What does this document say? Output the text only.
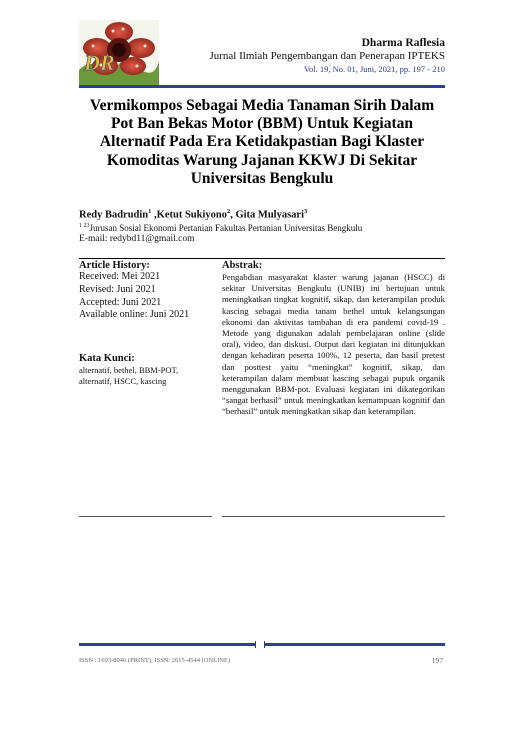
DR
Dharma Raflesia
Jurnal Ilmiah Pengembangan dan Penerapan IPTEKS
Vol. 19, No. 01, Juni, 2021, pp. 197 - 210
Vermikompos Sebagai Media Tanaman Sirih Dalam Pot Ban Bekas Motor (BBM) Untuk Kegiatan Alternatif Pada Era Ketidakpastian Bagi Klaster Komoditas Warung Jajanan KKWJ Di Sekitar Universitas Bengkulu
Redy Badrudin$^1$ ,Ketut Sukiyono$^2$, Gita Mulyasari$^3$
$^{1 23}$Jurusan Sosial Ekonomi Pertanian Fakultas Pertanian Universitas Bengkulu
E-mail: redybd11@gmail.com
Article History:
Received: Mei 2021
Revised: Juni 2021
Accepted: Juni 2021
Available online: Juni 2021
Kata Kunci:
alternatif, bethel, BBM-POT, alternatif, HSCC, kascing
Abstrak:
Pengabdian masyarakat klaster warung jajanan (HSCC) di sekitar Universitas Bengkulu (UNIB) ini bertujuan untuk meningkatkan tingkat kognitif, sikap, dan keterampilan produk kascing sebagai media tanam bethel untuk kelangsungan ekonomi dan aktivitas tambahan di era pandemi covid-19 . Metode yang digunakan adalah pembelajaran online (slide oral), video, dan diskusi. Output dari kegiatan ini ditunjukkan dengan kehadiran peserta 100%, 12 peserta, dan hasil pretest dan posttest yaitu “meningkat” kognitif, sikap, dan keterampilan dalam membuat kascing sebagai pupuk organik menggunakan BBM-pot. Evaluasi kegiatan ini dikategorikan “sangat berhasil” untuk meningkatkan kemampuan kognitif dan “berhasil” untuk meningkatkan sikap dan keterampilan.
ISSN : 1693-8046 (PRINT), ISSN: 2615-4544 (ONLINE)	197
